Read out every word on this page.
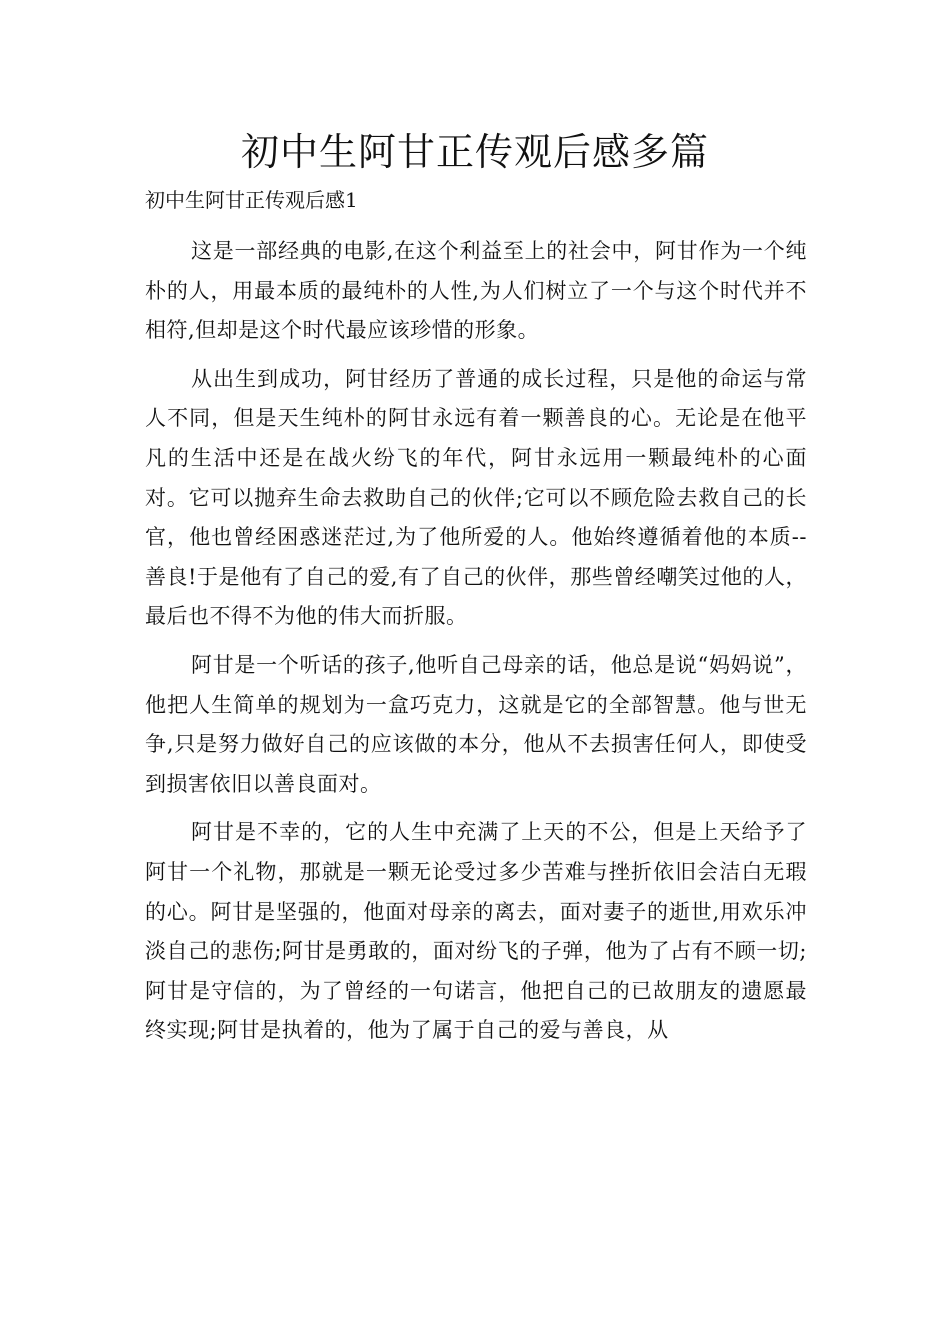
初中生阿甘正传观后感多篇

初中生阿甘正传观后感1

这是一部经典的电影,在这个利益至上的社会中，阿甘作为一个纯朴的人，用最本质的最纯朴的人性,为人们树立了一个与这个时代并不相符,但却是这个时代最应该珍惜的形象。

从出生到成功，阿甘经历了普通的成长过程，只是他的命运与常人不同，但是天生纯朴的阿甘永远有着一颗善良的心。无论是在他平凡的生活中还是在战火纷飞的年代，阿甘永远用一颗最纯朴的心面对。它可以抛弃生命去救助自己的伙伴;它可以不顾危险去救自己的长官，他也曾经困惑迷茫过,为了他所爱的人。他始终遵循着他的本质--善良!于是他有了自己的爱,有了自己的伙伴，那些曾经嘲笑过他的人，最后也不得不为他的伟大而折服。

阿甘是一个听话的孩子,他听自己母亲的话，他总是说“妈妈说”，他把人生简单的规划为一盒巧克力，这就是它的全部智慧。他与世无争,只是努力做好自己的应该做的本分，他从不去损害任何人，即使受到损害依旧以善良面对。

阿甘是不幸的，它的人生中充满了上天的不公，但是上天给予了阿甘一个礼物，那就是一颗无论受过多少苦难与挫折依旧会洁白无瑕的心。阿甘是坚强的，他面对母亲的离去，面对妻子的逝世,用欢乐冲淡自己的悲伤;阿甘是勇敢的，面对纷飞的子弹，他为了占有不顾一切;阿甘是守信的，为了曾经的一句诺言，他把自己的已故朋友的遗愿最终实现;阿甘是执着的，他为了属于自己的爱与善良，从
